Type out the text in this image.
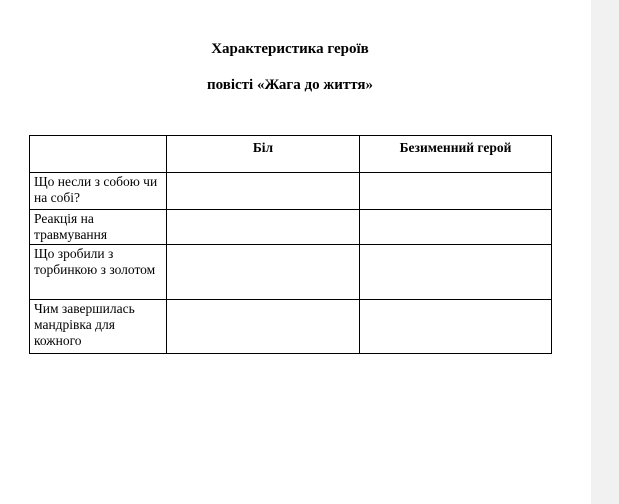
Характеристика героїв
повісті «Жага до життя»
	Біл	Безименний герой
Що несли з собою чи на собі?		
Реакція на травмування		
Що зробили з торбинкою з золотом		
Чим завершилась мандрівка для кожного		
